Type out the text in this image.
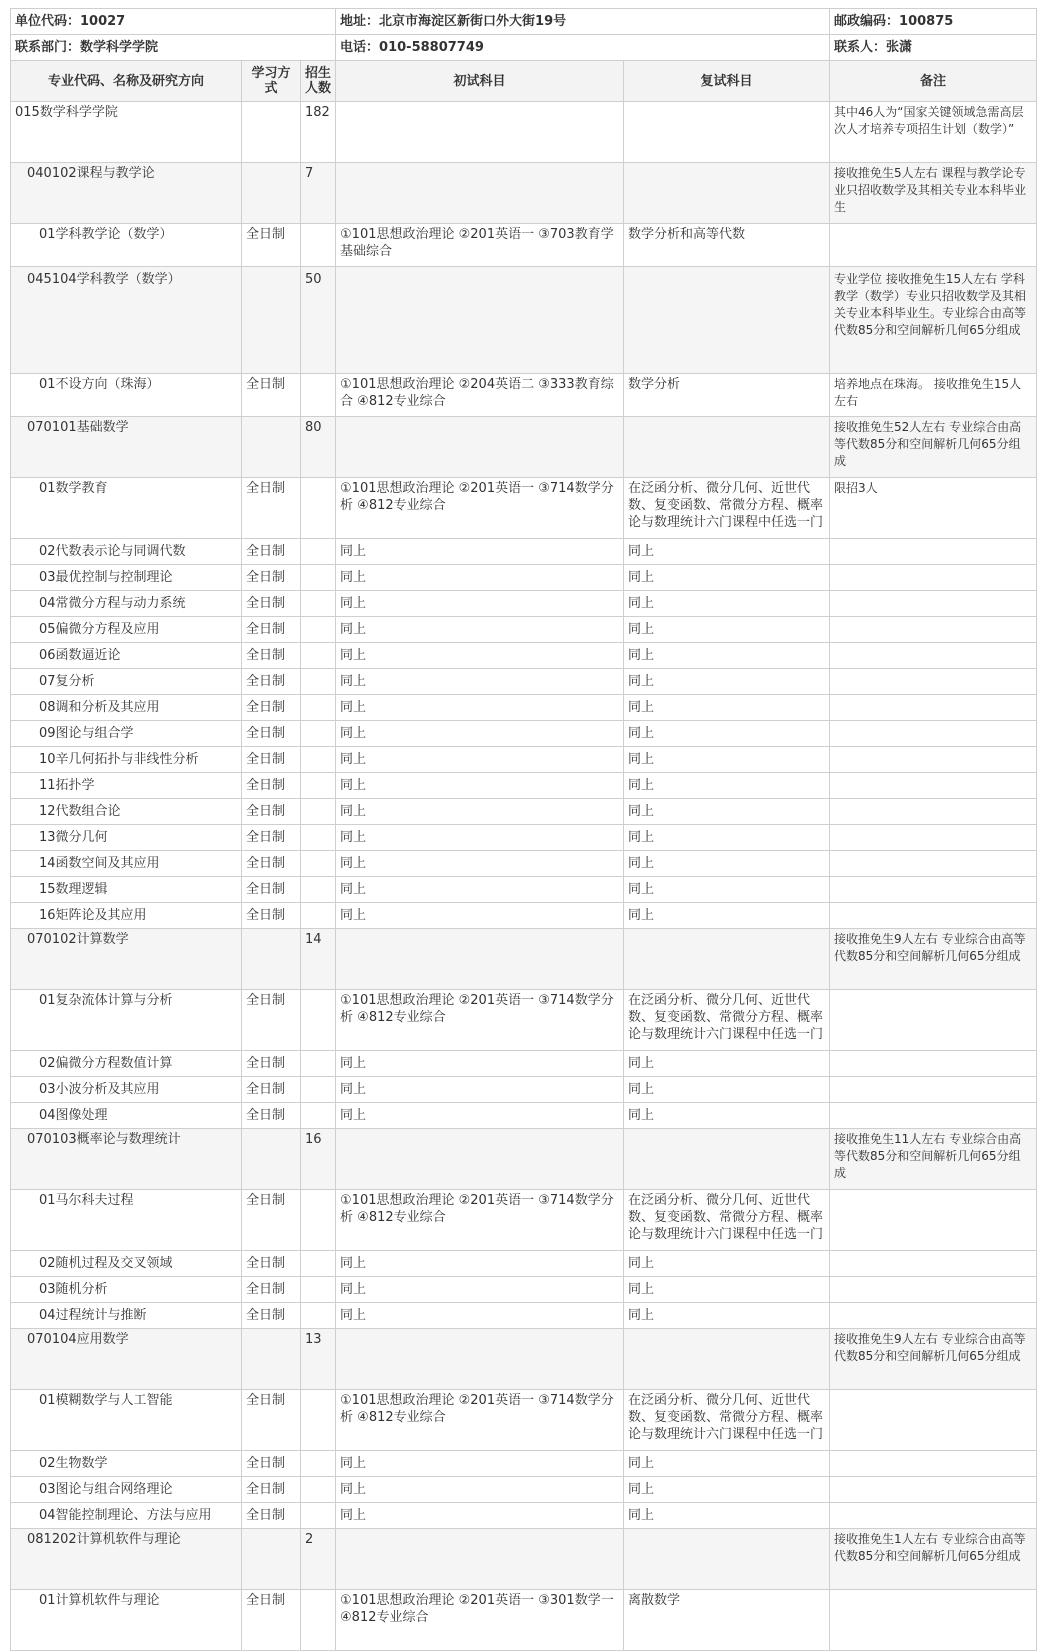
单位代码：10027			地址：北京市海淀区新街口外大街19号		邮政编码：100875
联系部门：数学科学学院			电话：010-58807749		联系人：张潇
专业代码、名称及研究方向	学习方式	招生人数	初试科目	复试科目	备注
015数学科学学院		182			其中46人为“国家关键领域急需高层次人才培养专项招生计划（数学）”
040102课程与教学论		7			接收推免生5人左右 课程与教学论专业只招收数学及其相关专业本科毕业生
01学科教学论（数学）	全日制		①101思想政治理论 ②201英语一 ③703教育学基础综合	数学分析和高等代数	
045104学科教学（数学）		50			专业学位 接收推免生15人左右 学科教学（数学）专业只招收数学及其相关专业本科毕业生。专业综合由高等代数85分和空间解析几何65分组成
01不设方向（珠海）	全日制		①101思想政治理论 ②204英语二 ③333教育综合 ④812专业综合	数学分析	培养地点在珠海。 接收推免生15人左右
070101基础数学		80			接收推免生52人左右 专业综合由高等代数85分和空间解析几何65分组成
01数学教育	全日制		①101思想政治理论 ②201英语一 ③714数学分析 ④812专业综合	在泛函分析、微分几何、近世代数、复变函数、常微分方程、概率论与数理统计六门课程中任选一门	限招3人
02代数表示论与同调代数	全日制		同上	同上	
03最优控制与控制理论	全日制		同上	同上	
04常微分方程与动力系统	全日制		同上	同上	
05偏微分方程及应用	全日制		同上	同上	
06函数逼近论	全日制		同上	同上	
07复分析	全日制		同上	同上	
08调和分析及其应用	全日制		同上	同上	
09图论与组合学	全日制		同上	同上	
10辛几何拓扑与非线性分析	全日制		同上	同上	
11拓扑学	全日制		同上	同上	
12代数组合论	全日制		同上	同上	
13微分几何	全日制		同上	同上	
14函数空间及其应用	全日制		同上	同上	
15数理逻辑	全日制		同上	同上	
16矩阵论及其应用	全日制		同上	同上	
070102计算数学		14			接收推免生9人左右 专业综合由高等代数85分和空间解析几何65分组成
01复杂流体计算与分析	全日制		①101思想政治理论 ②201英语一 ③714数学分析 ④812专业综合	在泛函分析、微分几何、近世代数、复变函数、常微分方程、概率论与数理统计六门课程中任选一门	
02偏微分方程数值计算	全日制		同上	同上	
03小波分析及其应用	全日制		同上	同上	
04图像处理	全日制		同上	同上	
070103概率论与数理统计		16			接收推免生11人左右 专业综合由高等代数85分和空间解析几何65分组成
01马尔科夫过程	全日制		①101思想政治理论 ②201英语一 ③714数学分析 ④812专业综合	在泛函分析、微分几何、近世代数、复变函数、常微分方程、概率论与数理统计六门课程中任选一门	
02随机过程及交叉领域	全日制		同上	同上	
03随机分析	全日制		同上	同上	
04过程统计与推断	全日制		同上	同上	
070104应用数学		13			接收推免生9人左右 专业综合由高等代数85分和空间解析几何65分组成
01模糊数学与人工智能	全日制		①101思想政治理论 ②201英语一 ③714数学分析 ④812专业综合	在泛函分析、微分几何、近世代数、复变函数、常微分方程、概率论与数理统计六门课程中任选一门	
02生物数学	全日制		同上	同上	
03图论与组合网络理论	全日制		同上	同上	
04智能控制理论、方法与应用	全日制		同上	同上	
081202计算机软件与理论		2			接收推免生1人左右 专业综合由高等代数85分和空间解析几何65分组成
01计算机软件与理论	全日制		①101思想政治理论 ②201英语一 ③301数学一 ④812专业综合	离散数学	
